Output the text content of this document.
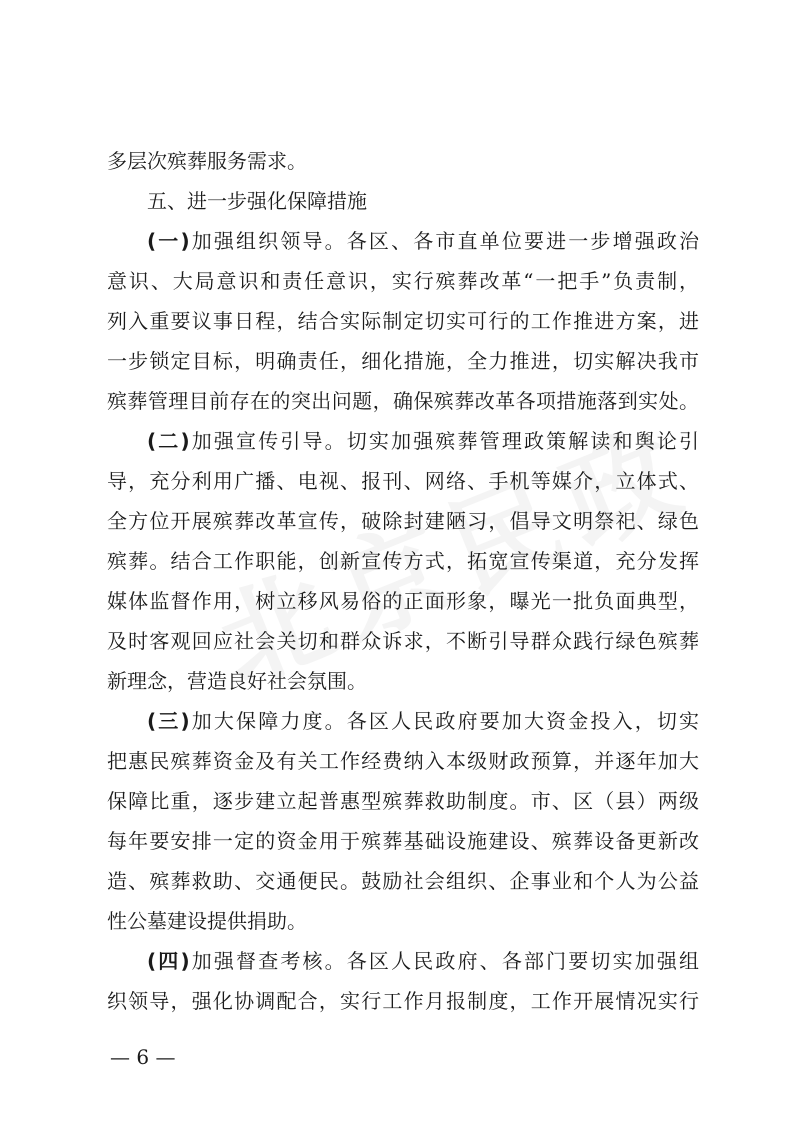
多层次殡葬服务需求。
五、进一步强化保障措施
(一)加强组织领导。各区、各市直单位要进一步增强政治
意识、大局意识和责任意识，实行殡葬改革“一把手”负责制，
列入重要议事日程，结合实际制定切实可行的工作推进方案，进
一步锁定目标，明确责任，细化措施，全力推进，切实解决我市
殡葬管理目前存在的突出问题，确保殡葬改革各项措施落到实处。
(二)加强宣传引导。切实加强殡葬管理政策解读和舆论引
导，充分利用广播、电视、报刊、网络、手机等媒介，立体式、
全方位开展殡葬改革宣传，破除封建陋习，倡导文明祭祀、绿色
殡葬。结合工作职能，创新宣传方式，拓宽宣传渠道，充分发挥
媒体监督作用，树立移风易俗的正面形象，曝光一批负面典型，
及时客观回应社会关切和群众诉求，不断引导群众践行绿色殡葬
新理念，营造良好社会氛围。
(三)加大保障力度。各区人民政府要加大资金投入，切实
把惠民殡葬资金及有关工作经费纳入本级财政预算，并逐年加大
保障比重，逐步建立起普惠型殡葬救助制度。市、区（县）两级
每年要安排一定的资金用于殡葬基础设施建设、殡葬设备更新改
造、殡葬救助、交通便民。鼓励社会组织、企事业和个人为公益
性公墓建设提供捐助。
(四)加强督查考核。各区人民政府、各部门要切实加强组
织领导，强化协调配合，实行工作月报制度，工作开展情况实行
— 6 —
